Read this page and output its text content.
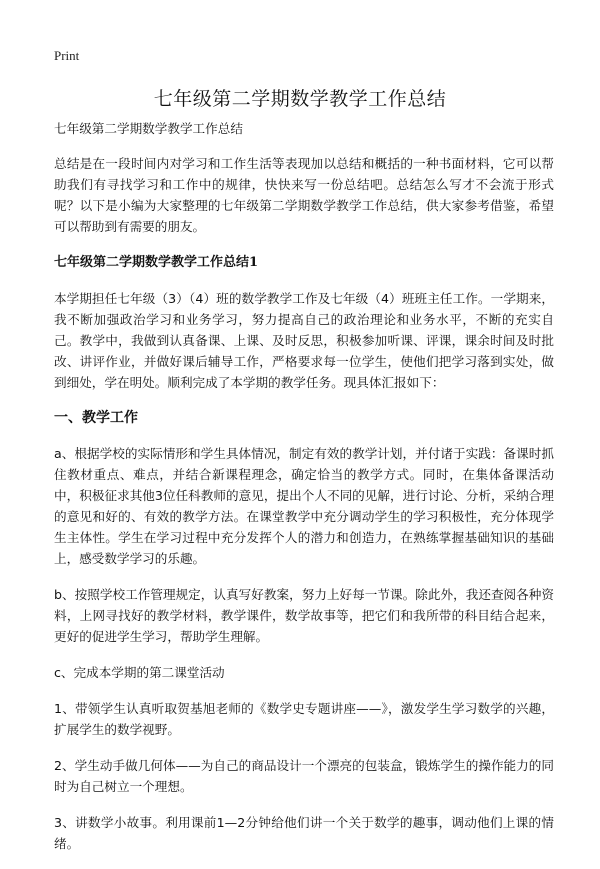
Print
七年级第二学期数学教学工作总结

七年级第二学期数学教学工作总结

总结是在一段时间内对学习和工作生活等表现加以总结和概括的一种书面材料，它可以帮助我们有寻找学习和工作中的规律，快快来写一份总结吧。总结怎么写才不会流于形式呢？以下是小编为大家整理的七年级第二学期数学教学工作总结，供大家参考借鉴，希望可以帮助到有需要的朋友。

七年级第二学期数学教学工作总结1

本学期担任七年级（3）（4）班的数学教学工作及七年级（4）班班主任工作。一学期来，我不断加强政治学习和业务学习，努力提高自己的政治理论和业务水平，不断的充实自己。教学中，我做到认真备课、上课、及时反思，积极参加听课、评课，课余时间及时批改、讲评作业，并做好课后辅导工作，严格要求每一位学生，使他们把学习落到实处，做到细处，学在明处。顺利完成了本学期的教学任务。现具体汇报如下：

一、教学工作

a、根据学校的实际情形和学生具体情况，制定有效的教学计划，并付诸于实践：备课时抓住教材重点、难点，并结合新课程理念，确定恰当的教学方式。同时，在集体备课活动中，积极征求其他3位任科教师的意见，提出个人不同的见解，进行讨论、分析，采纳合理的意见和好的、有效的教学方法。在课堂教学中充分调动学生的学习积极性，充分体现学生主体性。学生在学习过程中充分发挥个人的潜力和创造力，在熟练掌握基础知识的基础上，感受数学学习的乐趣。

b、按照学校工作管理规定，认真写好教案，努力上好每一节课。除此外，我还查阅各种资料，上网寻找好的教学材料，教学课件，数学故事等，把它们和我所带的科目结合起来，更好的促进学生学习，帮助学生理解。

c、完成本学期的第二课堂活动

1、带领学生认真听取贺基旭老师的《数学史专题讲座——》，激发学生学习数学的兴趣，扩展学生的数学视野。

2、学生动手做几何体——为自己的商品设计一个漂亮的包装盒，锻炼学生的操作能力的同时为自己树立一个理想。

3、讲数学小故事。利用课前1—2分钟给他们讲一个关于数学的趣事，调动他们上课的情绪。
